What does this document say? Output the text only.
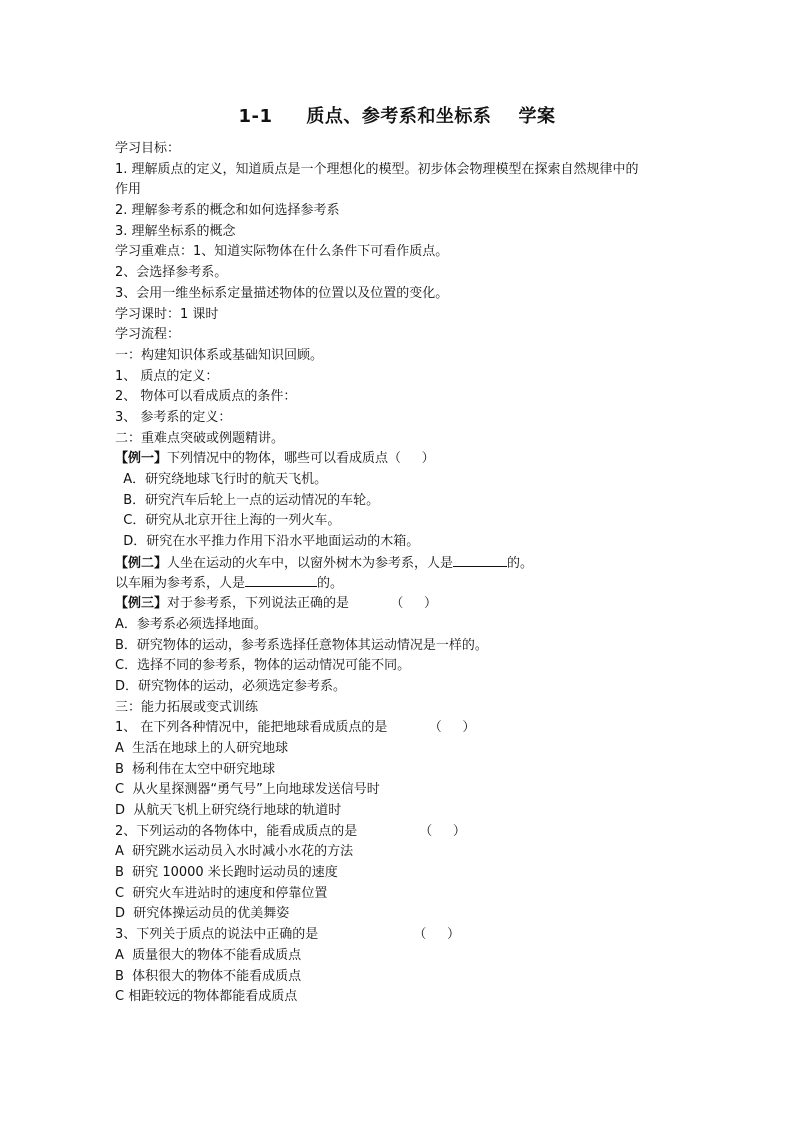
1-1     质点、参考系和坐标系    学案
学习目标：
1. 理解质点的定义，知道质点是一个理想化的模型。初步体会物理模型在探索自然规律中的
作用
2. 理解参考系的概念和如何选择参考系
3. 理解坐标系的概念
学习重难点：1、知道实际物体在什么条件下可看作质点。
2、会选择参考系。
3、会用一维坐标系定量描述物体的位置以及位置的变化。
学习课时：1 课时
学习流程：
一：构建知识体系或基础知识回顾。
1、 质点的定义：
2、 物体可以看成质点的条件：
3、 参考系的定义：
二：重难点突破或例题精讲。
【例一】下列情况中的物体，哪些可以看成质点（     ）
A．研究绕地球飞行时的航天飞机。
B．研究汽车后轮上一点的运动情况的车轮。
C．研究从北京开往上海的一列火车。
D．研究在水平推力作用下沿水平地面运动的木箱。
【例二】人坐在运动的火车中，以窗外树木为参考系，人是	的。
以车厢为参考系，人是	的。
【例三】对于参考系，下列说法正确的是          （     ）
A．参考系必须选择地面。
B．研究物体的运动，参考系选择任意物体其运动情况是一样的。
C．选择不同的参考系，物体的运动情况可能不同。
D．研究物体的运动，必须选定参考系。
三：能力拓展或变式训练
1、 在下列各种情况中，能把地球看成质点的是          （     ）
A  生活在地球上的人研究地球
B  杨利伟在太空中研究地球
C  从火星探测器“勇气号”上向地球发送信号时
D  从航天飞机上研究绕行地球的轨道时
2、下列运动的各物体中，能看成质点的是               （     ）
A  研究跳水运动员入水时减小水花的方法
B  研究 10000 米长跑时运动员的速度
C  研究火车进站时的速度和停靠位置
D  研究体操运动员的优美舞姿
3、下列关于质点的说法中正确的是                       （     ）
A  质量很大的物体不能看成质点
B  体积很大的物体不能看成质点
C 相距较远的物体都能看成质点
